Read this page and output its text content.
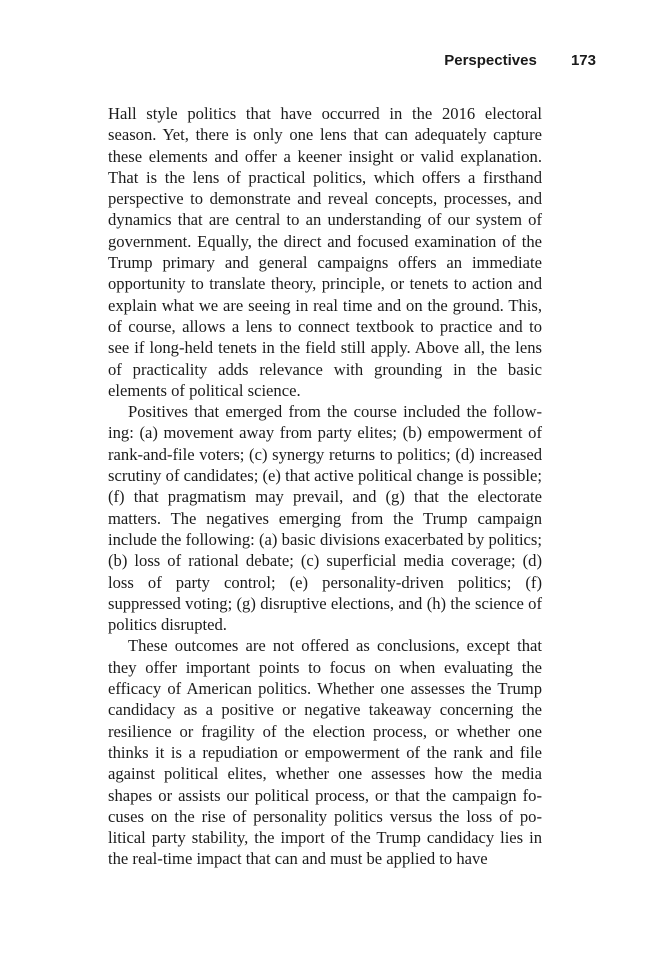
Perspectives 173

Hall style politics that have occurred in the 2016 electoral season. Yet, there is only one lens that can adequately capture these elements and offer a keener insight or valid explanation. That is the lens of practical politics, which offers a firsthand perspective to demonstrate and reveal concepts, processes, and dynamics that are central to an understanding of our system of government. Equally, the direct and focused examination of the Trump primary and general campaigns offers an immediate opportunity to translate theory, principle, or tenets to action and explain what we are seeing in real time and on the ground. This, of course, allows a lens to connect textbook to practice and to see if long-held tenets in the field still apply. Above all, the lens of practicality adds relevance with grounding in the basic elements of political science.

Positives that emerged from the course included the following: (a) movement away from party elites; (b) empowerment of rank-and-file voters; (c) synergy returns to politics; (d) increased scrutiny of candidates; (e) that active political change is possible; (f) that pragmatism may prevail, and (g) that the electorate matters. The negatives emerging from the Trump campaign include the following: (a) basic divisions exacerbated by politics; (b) loss of rational debate; (c) superficial media coverage; (d) loss of party control; (e) personality-driven politics; (f) suppressed voting; (g) disruptive elections, and (h) the science of politics disrupted.

These outcomes are not offered as conclusions, except that they offer important points to focus on when evaluating the efficacy of American politics. Whether one assesses the Trump candidacy as a positive or negative takeaway concerning the resilience or fragility of the election process, or whether one thinks it is a repudiation or empowerment of the rank and file against political elites, whether one assesses how the media shapes or assists our political process, or that the campaign focuses on the rise of personality politics versus the loss of political party stability, the import of the Trump candidacy lies in the real-time impact that can and must be applied to have
